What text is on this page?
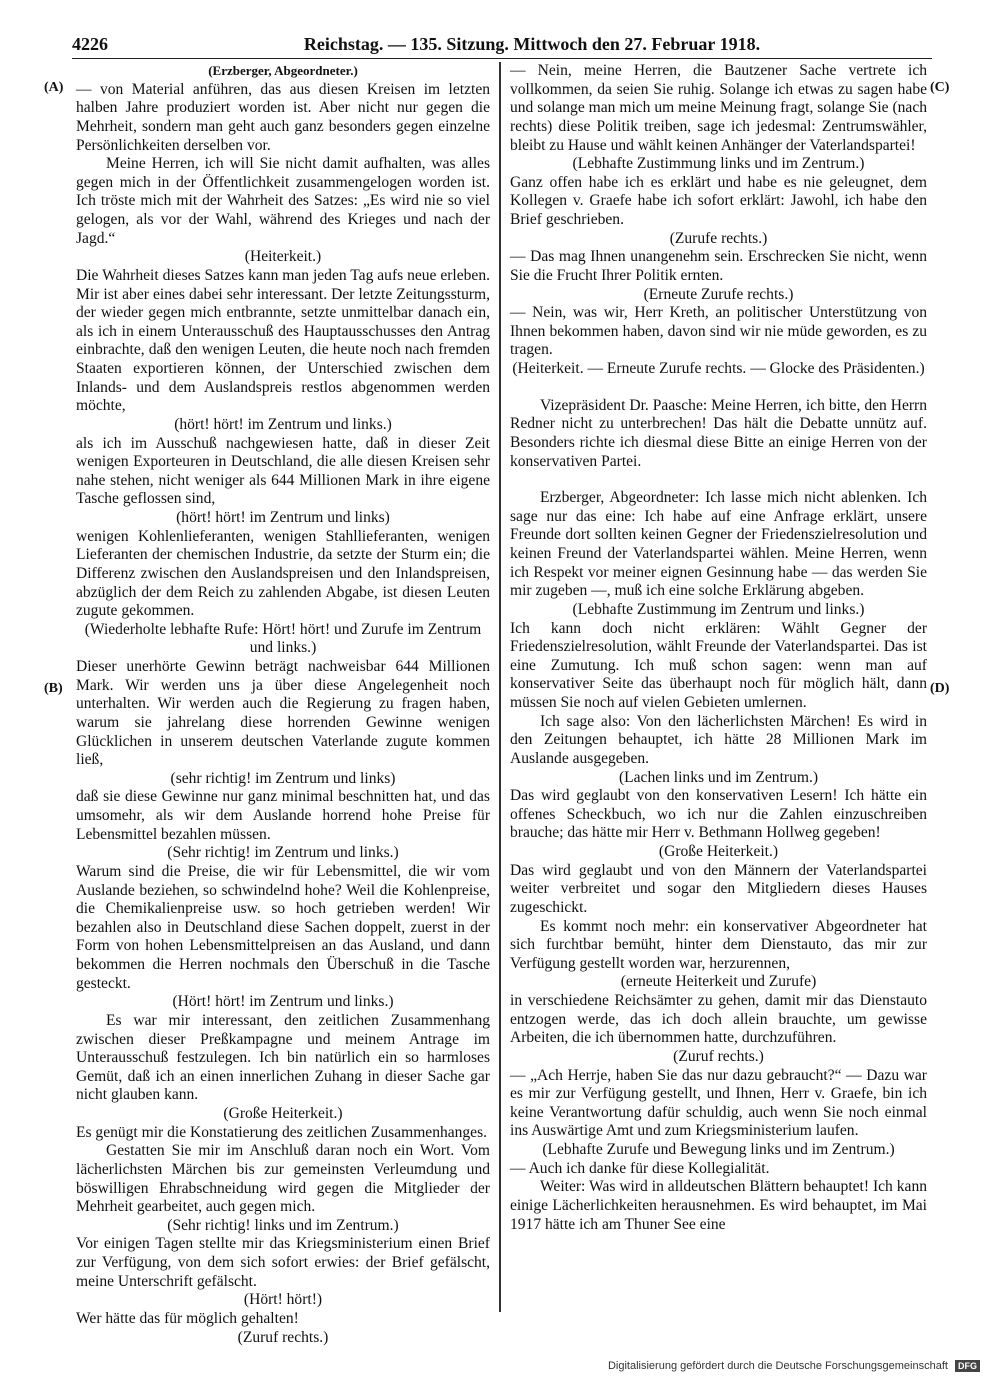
4226	Reichstag. — 135. Sitzung. Mittwoch den 27. Februar 1918.
(A)
(B)
(C)
(D)

(Erzberger, Abgeordneter.)

— von Material anführen, das aus diesen Kreisen im letzten halben Jahre produziert worden ist. Aber nicht nur gegen die Mehrheit, sondern man geht auch ganz besonders gegen einzelne Persönlichkeiten derselben vor.

Meine Herren, ich will Sie nicht damit aufhalten, was alles gegen mich in der Öffentlichkeit zusammengelogen worden ist. Ich tröste mich mit der Wahrheit des Satzes: „Es wird nie so viel gelogen, als vor der Wahl, während des Krieges und nach der Jagd.“

(Heiterkeit.)

Die Wahrheit dieses Satzes kann man jeden Tag aufs neue erleben. Mir ist aber eines dabei sehr interessant. Der letzte Zeitungssturm, der wieder gegen mich entbrannte, setzte unmittelbar danach ein, als ich in einem Unterausschuß des Hauptausschusses den Antrag einbrachte, daß den wenigen Leuten, die heute noch nach fremden Staaten exportieren können, der Unterschied zwischen dem Inlands- und dem Auslandspreis restlos abgenommen werden möchte,

(hört! hört! im Zentrum und links.)

als ich im Ausschuß nachgewiesen hatte, daß in dieser Zeit wenigen Exporteuren in Deutschland, die alle diesen Kreisen sehr nahe stehen, nicht weniger als 644 Millionen Mark in ihre eigene Tasche geflossen sind,

(hört! hört! im Zentrum und links)

wenigen Kohlenlieferanten, wenigen Stahllieferanten, wenigen Lieferanten der chemischen Industrie, da setzte der Sturm ein; die Differenz zwischen den Auslandspreisen und den Inlandspreisen, abzüglich der dem Reich zu zahlenden Abgabe, ist diesen Leuten zugute gekommen.

(Wiederholte lebhafte Rufe: Hört! hört! und Zurufe im Zentrum und links.)

Dieser unerhörte Gewinn beträgt nachweisbar 644 Millionen Mark. Wir werden uns ja über diese Angelegenheit noch unterhalten. Wir werden auch die Regierung zu fragen haben, warum sie jahrelang diese horrenden Gewinne wenigen Glücklichen in unserem deutschen Vaterlande zugute kommen ließ,

(sehr richtig! im Zentrum und links)

daß sie diese Gewinne nur ganz minimal beschnitten hat, und das umsomehr, als wir dem Auslande horrend hohe Preise für Lebensmittel bezahlen müssen.

(Sehr richtig! im Zentrum und links.)

Warum sind die Preise, die wir für Lebensmittel, die wir vom Auslande beziehen, so schwindelnd hohe? Weil die Kohlenpreise, die Chemikalienpreise usw. so hoch getrieben werden! Wir bezahlen also in Deutschland diese Sachen doppelt, zuerst in der Form von hohen Lebensmittelpreisen an das Ausland, und dann bekommen die Herren nochmals den Überschuß in die Tasche gesteckt.

(Hört! hört! im Zentrum und links.)

Es war mir interessant, den zeitlichen Zusammenhang zwischen dieser Preßkampagne und meinem Antrage im Unterausschuß festzulegen. Ich bin natürlich ein so harmloses Gemüt, daß ich an einen innerlichen Zuhang in dieser Sache gar nicht glauben kann.

(Große Heiterkeit.)

Es genügt mir die Konstatierung des zeitlichen Zusammenhanges.

Gestatten Sie mir im Anschluß daran noch ein Wort. Vom lächerlichsten Märchen bis zur gemeinsten Verleumdung und böswilligen Ehrabschneidung wird gegen die Mitglieder der Mehrheit gearbeitet, auch gegen mich.

(Sehr richtig! links und im Zentrum.)

Vor einigen Tagen stellte mir das Kriegsministerium einen Brief zur Verfügung, von dem sich sofort erwies: der Brief gefälscht, meine Unterschrift gefälscht.

(Hört! hört!)

Wer hätte das für möglich gehalten!

(Zuruf rechts.)

— Nein, meine Herren, die Bautzener Sache vertrete ich vollkommen, da seien Sie ruhig. Solange ich etwas zu sagen habe und solange man mich um meine Meinung fragt, solange Sie (nach rechts) diese Politik treiben, sage ich jedesmal: Zentrumswähler, bleibt zu Hause und wählt keinen Anhänger der Vaterlandspartei!

(Lebhafte Zustimmung links und im Zentrum.)

Ganz offen habe ich es erklärt und habe es nie geleugnet, dem Kollegen v. Graefe habe ich sofort erklärt: Jawohl, ich habe den Brief geschrieben.

(Zurufe rechts.)

— Das mag Ihnen unangenehm sein. Erschrecken Sie nicht, wenn Sie die Frucht Ihrer Politik ernten.

(Erneute Zurufe rechts.)

— Nein, was wir, Herr Kreth, an politischer Unterstützung von Ihnen bekommen haben, davon sind wir nie müde geworden, es zu tragen.

(Heiterkeit. — Erneute Zurufe rechts. — Glocke des Präsidenten.)

Vizepräsident Dr. Paasche: Meine Herren, ich bitte, den Herrn Redner nicht zu unterbrechen! Das hält die Debatte unnütz auf. Besonders richte ich diesmal diese Bitte an einige Herren von der konservativen Partei.

Erzberger, Abgeordneter: Ich lasse mich nicht ablenken. Ich sage nur das eine: Ich habe auf eine Anfrage erklärt, unsere Freunde dort sollten keinen Gegner der Friedenszielresolution und keinen Freund der Vaterlandspartei wählen. Meine Herren, wenn ich Respekt vor meiner eignen Gesinnung habe — das werden Sie mir zugeben —, muß ich eine solche Erklärung abgeben.

(Lebhafte Zustimmung im Zentrum und links.)

Ich kann doch nicht erklären: Wählt Gegner der Friedenszielresolution, wählt Freunde der Vaterlandspartei. Das ist eine Zumutung. Ich muß schon sagen: wenn man auf konservativer Seite das überhaupt noch für möglich hält, dann müssen Sie noch auf vielen Gebieten umlernen.

Ich sage also: Von den lächerlichsten Märchen! Es wird in den Zeitungen behauptet, ich hätte 28 Millionen Mark im Auslande ausgegeben.

(Lachen links und im Zentrum.)

Das wird geglaubt von den konservativen Lesern! Ich hätte ein offenes Scheckbuch, wo ich nur die Zahlen einzuschreiben brauche; das hätte mir Herr v. Bethmann Hollweg gegeben!

(Große Heiterkeit.)

Das wird geglaubt und von den Männern der Vaterlandspartei weiter verbreitet und sogar den Mitgliedern dieses Hauses zugeschickt.

Es kommt noch mehr: ein konservativer Abgeordneter hat sich furchtbar bemüht, hinter dem Dienstauto, das mir zur Verfügung gestellt worden war, herzurennen,

(erneute Heiterkeit und Zurufe)

in verschiedene Reichsämter zu gehen, damit mir das Dienstauto entzogen werde, das ich doch allein brauchte, um gewisse Arbeiten, die ich übernommen hatte, durchzuführen.

(Zuruf rechts.)

— „Ach Herrje, haben Sie das nur dazu gebraucht?“ — Dazu war es mir zur Verfügung gestellt, und Ihnen, Herr v. Graefe, bin ich keine Verantwortung dafür schuldig, auch wenn Sie noch einmal ins Auswärtige Amt und zum Kriegsministerium laufen.

(Lebhafte Zurufe und Bewegung links und im Zentrum.)

— Auch ich danke für diese Kollegialität.

Weiter: Was wird in alldeutschen Blättern behauptet! Ich kann einige Lächerlichkeiten herausnehmen. Es wird behauptet, im Mai 1917 hätte ich am Thuner See eine

Digitalisierung gefördert durch die Deutsche Forschungsgemeinschaft DFG
